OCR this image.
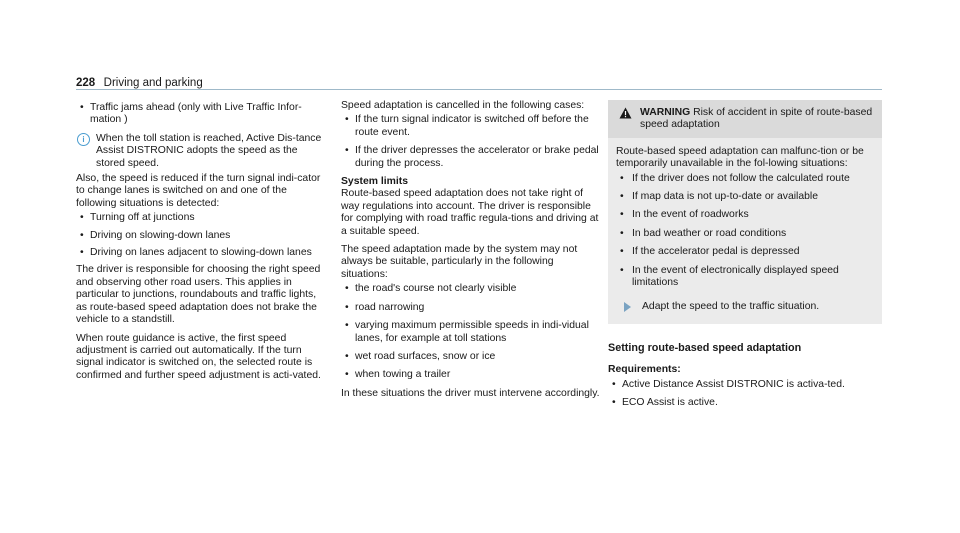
228 Driving and parking
• Traffic jams ahead (only with Live Traffic Infor-mation )
i	When the toll station is reached, Active Dis-tance Assist DISTRONIC adopts the speed as the stored speed.

Also, the speed is reduced if the turn signal indi-cator to change lanes is switched on and one of the following situations is detected:

• Turning off at junctions
• Driving on slowing-down lanes
• Driving on lanes adjacent to slowing-down lanes

The driver is responsible for choosing the right speed and observing other road users. This applies in particular to junctions, roundabouts and traffic lights, as route-based speed adaptation does not brake the vehicle to a standstill.

When route guidance is active, the first speed adjustment is carried out automatically. If the turn signal indicator is switched on, the selected route is confirmed and further speed adjustment is acti-vated.

Speed adaptation is cancelled in the following cases:

• If the turn signal indicator is switched off before the route event.
• If the driver depresses the accelerator or brake pedal during the process.

System limits

Route-based speed adaptation does not take right of way regulations into account. The driver is responsible for complying with road traffic regula-tions and driving at a suitable speed.

The speed adaptation made by the system may not always be suitable, particularly in the following situations:

• the road's course not clearly visible
• road narrowing
• varying maximum permissible speeds in indi-vidual lanes, for example at toll stations
• wet road surfaces, snow or ice
• when towing a trailer

In these situations the driver must intervene accordingly.

WARNING Risk of accident in spite of route-based speed adaptation

Route-based speed adaptation can malfunc-tion or be temporarily unavailable in the fol-lowing situations:

• If the driver does not follow the calculated route
• If map data is not up-to-date or available
• In the event of roadworks
• In bad weather or road conditions
• If the accelerator pedal is depressed
• In the event of electronically displayed speed limitations
Adapt the speed to the traffic situation.

Setting route-based speed adaptation

Requirements:

• Active Distance Assist DISTRONIC is activa-ted.
• ECO Assist is active.
